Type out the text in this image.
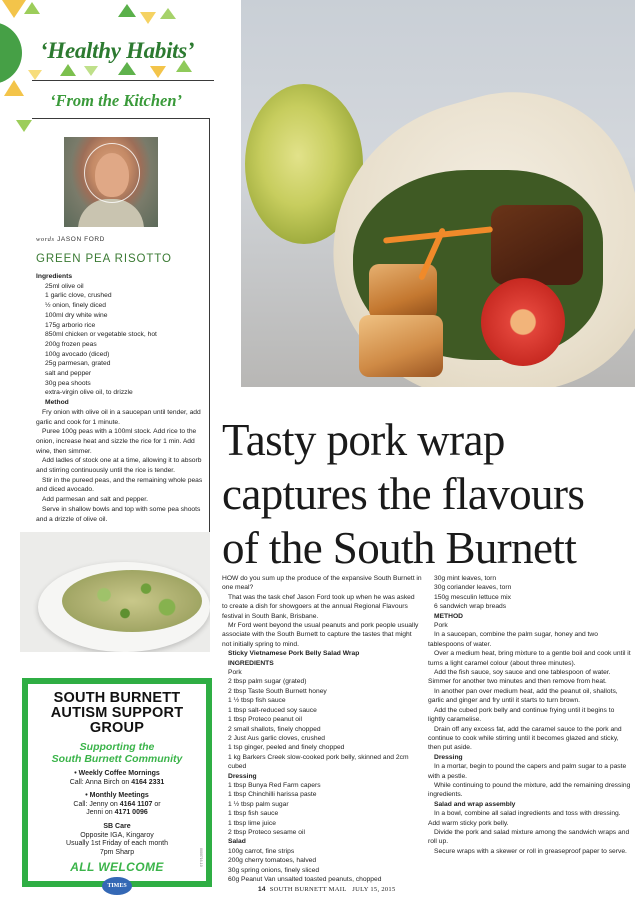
‘Healthy Habits’
‘From the Kitchen’
words JASON FORD
GREEN PEA RISOTTO
Ingredients
25ml olive oil
1 garlic clove, crushed
½ onion, finely diced
100ml dry white wine
175g arborio rice
850ml chicken or vegetable stock, hot
200g frozen peas
100g avocado (diced)
25g parmesan, grated
salt and pepper
30g pea shoots
extra-virgin olive oil, to drizzle
Method
Fry onion with olive oil in a saucepan until tender, add garlic and cook for 1 minute.
Puree 100g peas with a 100ml stock. Add rice to the onion, increase heat and sizzle the rice for 1 min. Add wine, then simmer.
Add ladles of stock one at a time, allowing it to absorb and stirring continuously until the rice is tender.
Stir in the pureed peas, and the remaining whole peas and diced avocado.
Add parmesan and salt and pepper.
Serve in shallow bowls and top with some pea shoots and a drizzle of olive oil.
SOUTH BURNETT
AUTISM SUPPORT
GROUP
Supporting the
South Burnett Community
• Weekly Coffee Mornings
Call: Anna Birch on 4164 2331
• Monthly Meetings
Call: Jenny on 4164 1107 or
Jenni on 4171 0096
SB Care
Opposite IGA, Kingaroy
Usually 1st Friday of each month
7pm Sharp
ALL WELCOME
TIMES
0000716-10
Tasty pork wrap
captures the flavours
of the South Burnett
HOW do you sum up the produce of the expansive South Burnett in one meal?
That was the task chef Jason Ford took up when he was asked to create a dish for showgoers at the annual Regional Flavours festival in South Bank, Brisbane.
Mr Ford went beyond the usual peanuts and pork people usually associate with the South Burnett to capture the tastes that might not initially spring to mind.
Sticky Vietnamese Pork Belly Salad Wrap
INGREDIENTS
Pork
2 tbsp palm sugar (grated)
2 tbsp Taste South Burnett honey
1 ½ tbsp fish sauce
1 tbsp salt-reduced soy sauce
1 tbsp Proteco peanut oil
2 small shallots, finely chopped
2 Just Aus garlic cloves, crushed
1 tsp ginger, peeled and finely chopped
1 kg Barkers Creek slow-cooked pork belly, skinned and 2cm cubed
Dressing
1 tbsp Bunya Red Farm capers
1 tbsp Chinchilli harissa paste
1 ½ tbsp palm sugar
1 tbsp fish sauce
1 tbsp lime juice
2 tbsp Proteco sesame oil
Salad
100g carrot, fine strips
200g cherry tomatoes, halved
30g spring onions, finely sliced
60g Peanut Van unsalted toasted peanuts, chopped
30g mint leaves, torn
30g coriander leaves, torn
150g mesculin lettuce mix
6 sandwich wrap breads
METHOD
Pork
In a saucepan, combine the palm sugar, honey and two tablespoons of water.
Over a medium heat, bring mixture to a gentle boil and cook until it turns a light caramel colour (about three minutes).
Add the fish sauce, soy sauce and one tablespoon of water. Simmer for another two minutes and then remove from heat.
In another pan over medium heat, add the peanut oil, shallots, garlic and ginger and fry until it starts to turn brown.
Add the cubed pork belly and continue frying until it begins to lightly caramelise.
Drain off any excess fat, add the caramel sauce to the pork and continue to cook while stirring until it becomes glazed and sticky, then put aside.
Dressing
In a mortar, begin to pound the capers and palm sugar to a paste with a pestle.
While continuing to pound the mixture, add the remaining dressing ingredients.
Salad and wrap assembly
In a bowl, combine all salad ingredients and toss with dressing. Add warm sticky pork belly.
Divide the pork and salad mixture among the sandwich wraps and roll up.
Secure wraps with a skewer or roll in greaseproof paper to serve.
14 SOUTH BURNETT MAIL JULY 15, 2015
